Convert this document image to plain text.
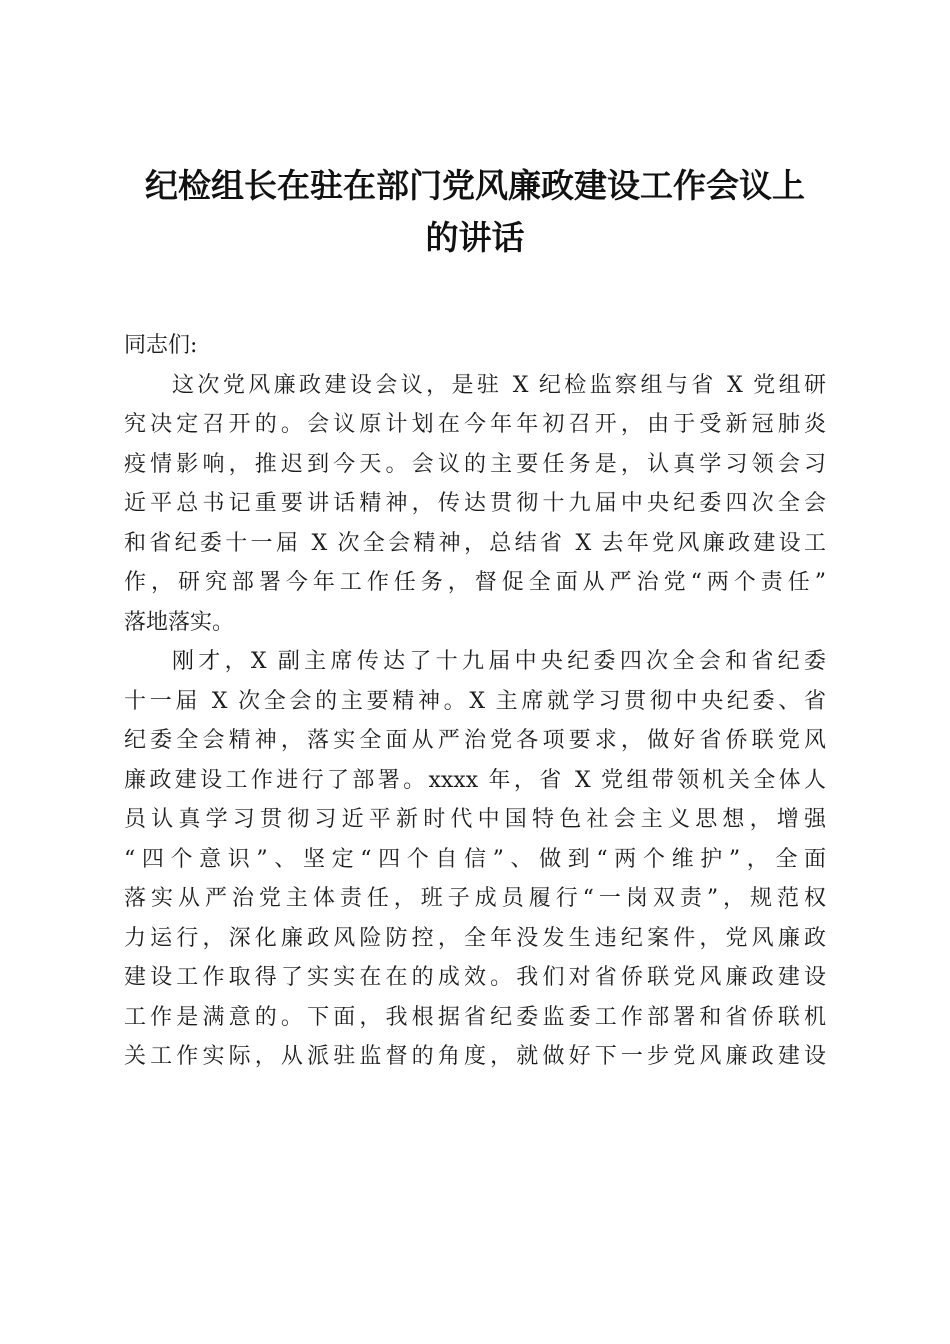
纪检组长在驻在部门党风廉政建设工作会议上
的讲话
同志们:
这次党风廉政建设会议，是驻 X 纪检监察组与省 X 党组研
究决定召开的。会议原计划在今年年初召开，由于受新冠肺炎
疫情影响，推迟到今天。会议的主要任务是，认真学习领会习
近平总书记重要讲话精神，传达贯彻十九届中央纪委四次全会
和省纪委十一届 X 次全会精神，总结省 X 去年党风廉政建设工
作，研究部署今年工作任务，督促全面从严治党“两个责任”
落地落实。
刚才，X 副主席传达了十九届中央纪委四次全会和省纪委
十一届 X 次全会的主要精神。X 主席就学习贯彻中央纪委、省
纪委全会精神，落实全面从严治党各项要求，做好省侨联党风
廉政建设工作进行了部署。xxxx 年，省 X 党组带领机关全体人
员认真学习贯彻习近平新时代中国特色社会主义思想，增强
“四个意识”、坚定“四个自信”、做到“两个维护”，全面
落实从严治党主体责任，班子成员履行“一岗双责”，规范权
力运行，深化廉政风险防控，全年没发生违纪案件，党风廉政
建设工作取得了实实在在的成效。我们对省侨联党风廉政建设
工作是满意的。下面，我根据省纪委监委工作部署和省侨联机
关工作实际，从派驻监督的角度，就做好下一步党风廉政建设
